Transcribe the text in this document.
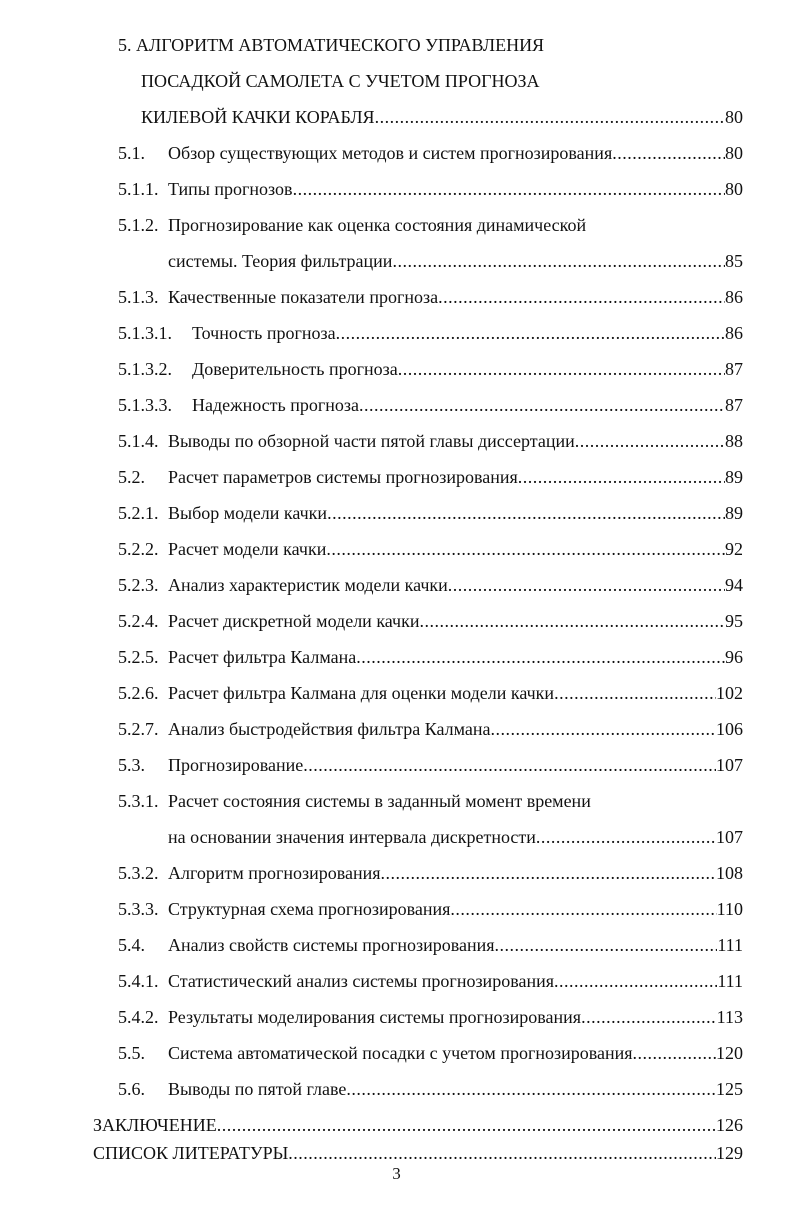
5. АЛГОРИТМ АВТОМАТИЧЕСКОГО УПРАВЛЕНИЯ
ПОСАДКОЙ САМОЛЕТА С УЧЕТОМ ПРОГНОЗА
КИЛЕВОЙ КАЧКИ КОРАБЛЯ .....	80
5.1.	Обзор существующих методов и систем прогнозирования .....	80
5.1.1. Типы прогнозов .....	80
5.1.2. Прогнозирование как оценка состояния динамической
системы. Теория фильтрации .....	85
5.1.3. Качественные показатели прогноза .....	86
5.1.3.1.	Точность прогноза .....	86
5.1.3.2.	Доверительность прогноза .....	87
5.1.3.3.	Надежность прогноза .....	87
5.1.4. Выводы по обзорной части пятой главы диссертации .....	88
5.2.	Расчет параметров системы прогнозирования .....	89
5.2.1. Выбор модели качки .....	89
5.2.2. Расчет модели качки .....	92
5.2.3. Анализ характеристик модели качки .....	94
5.2.4. Расчет дискретной модели качки .....	95
5.2.5. Расчет фильтра Калмана .....	96
5.2.6. Расчет фильтра Калмана для оценки модели качки .....	102
5.2.7. Анализ быстродействия фильтра Калмана .....	106
5.3.	Прогнозирование .....	107
5.3.1. Расчет состояния системы в заданный момент времени
на основании значения интервала дискретности .....	107
5.3.2. Алгоритм прогнозирования .....	108
5.3.3. Структурная схема прогнозирования .....	110
5.4.	Анализ свойств системы прогнозирования .....	111
5.4.1. Статистический анализ системы прогнозирования .....	111
5.4.2. Результаты моделирования системы прогнозирования .....	113
5.5.	Система автоматической посадки с учетом прогнозирования .....	120
5.6.	Выводы по пятой главе .....	125
ЗАКЛЮЧЕНИЕ .....	126
СПИСОК ЛИТЕРАТУРЫ .....	129
3
